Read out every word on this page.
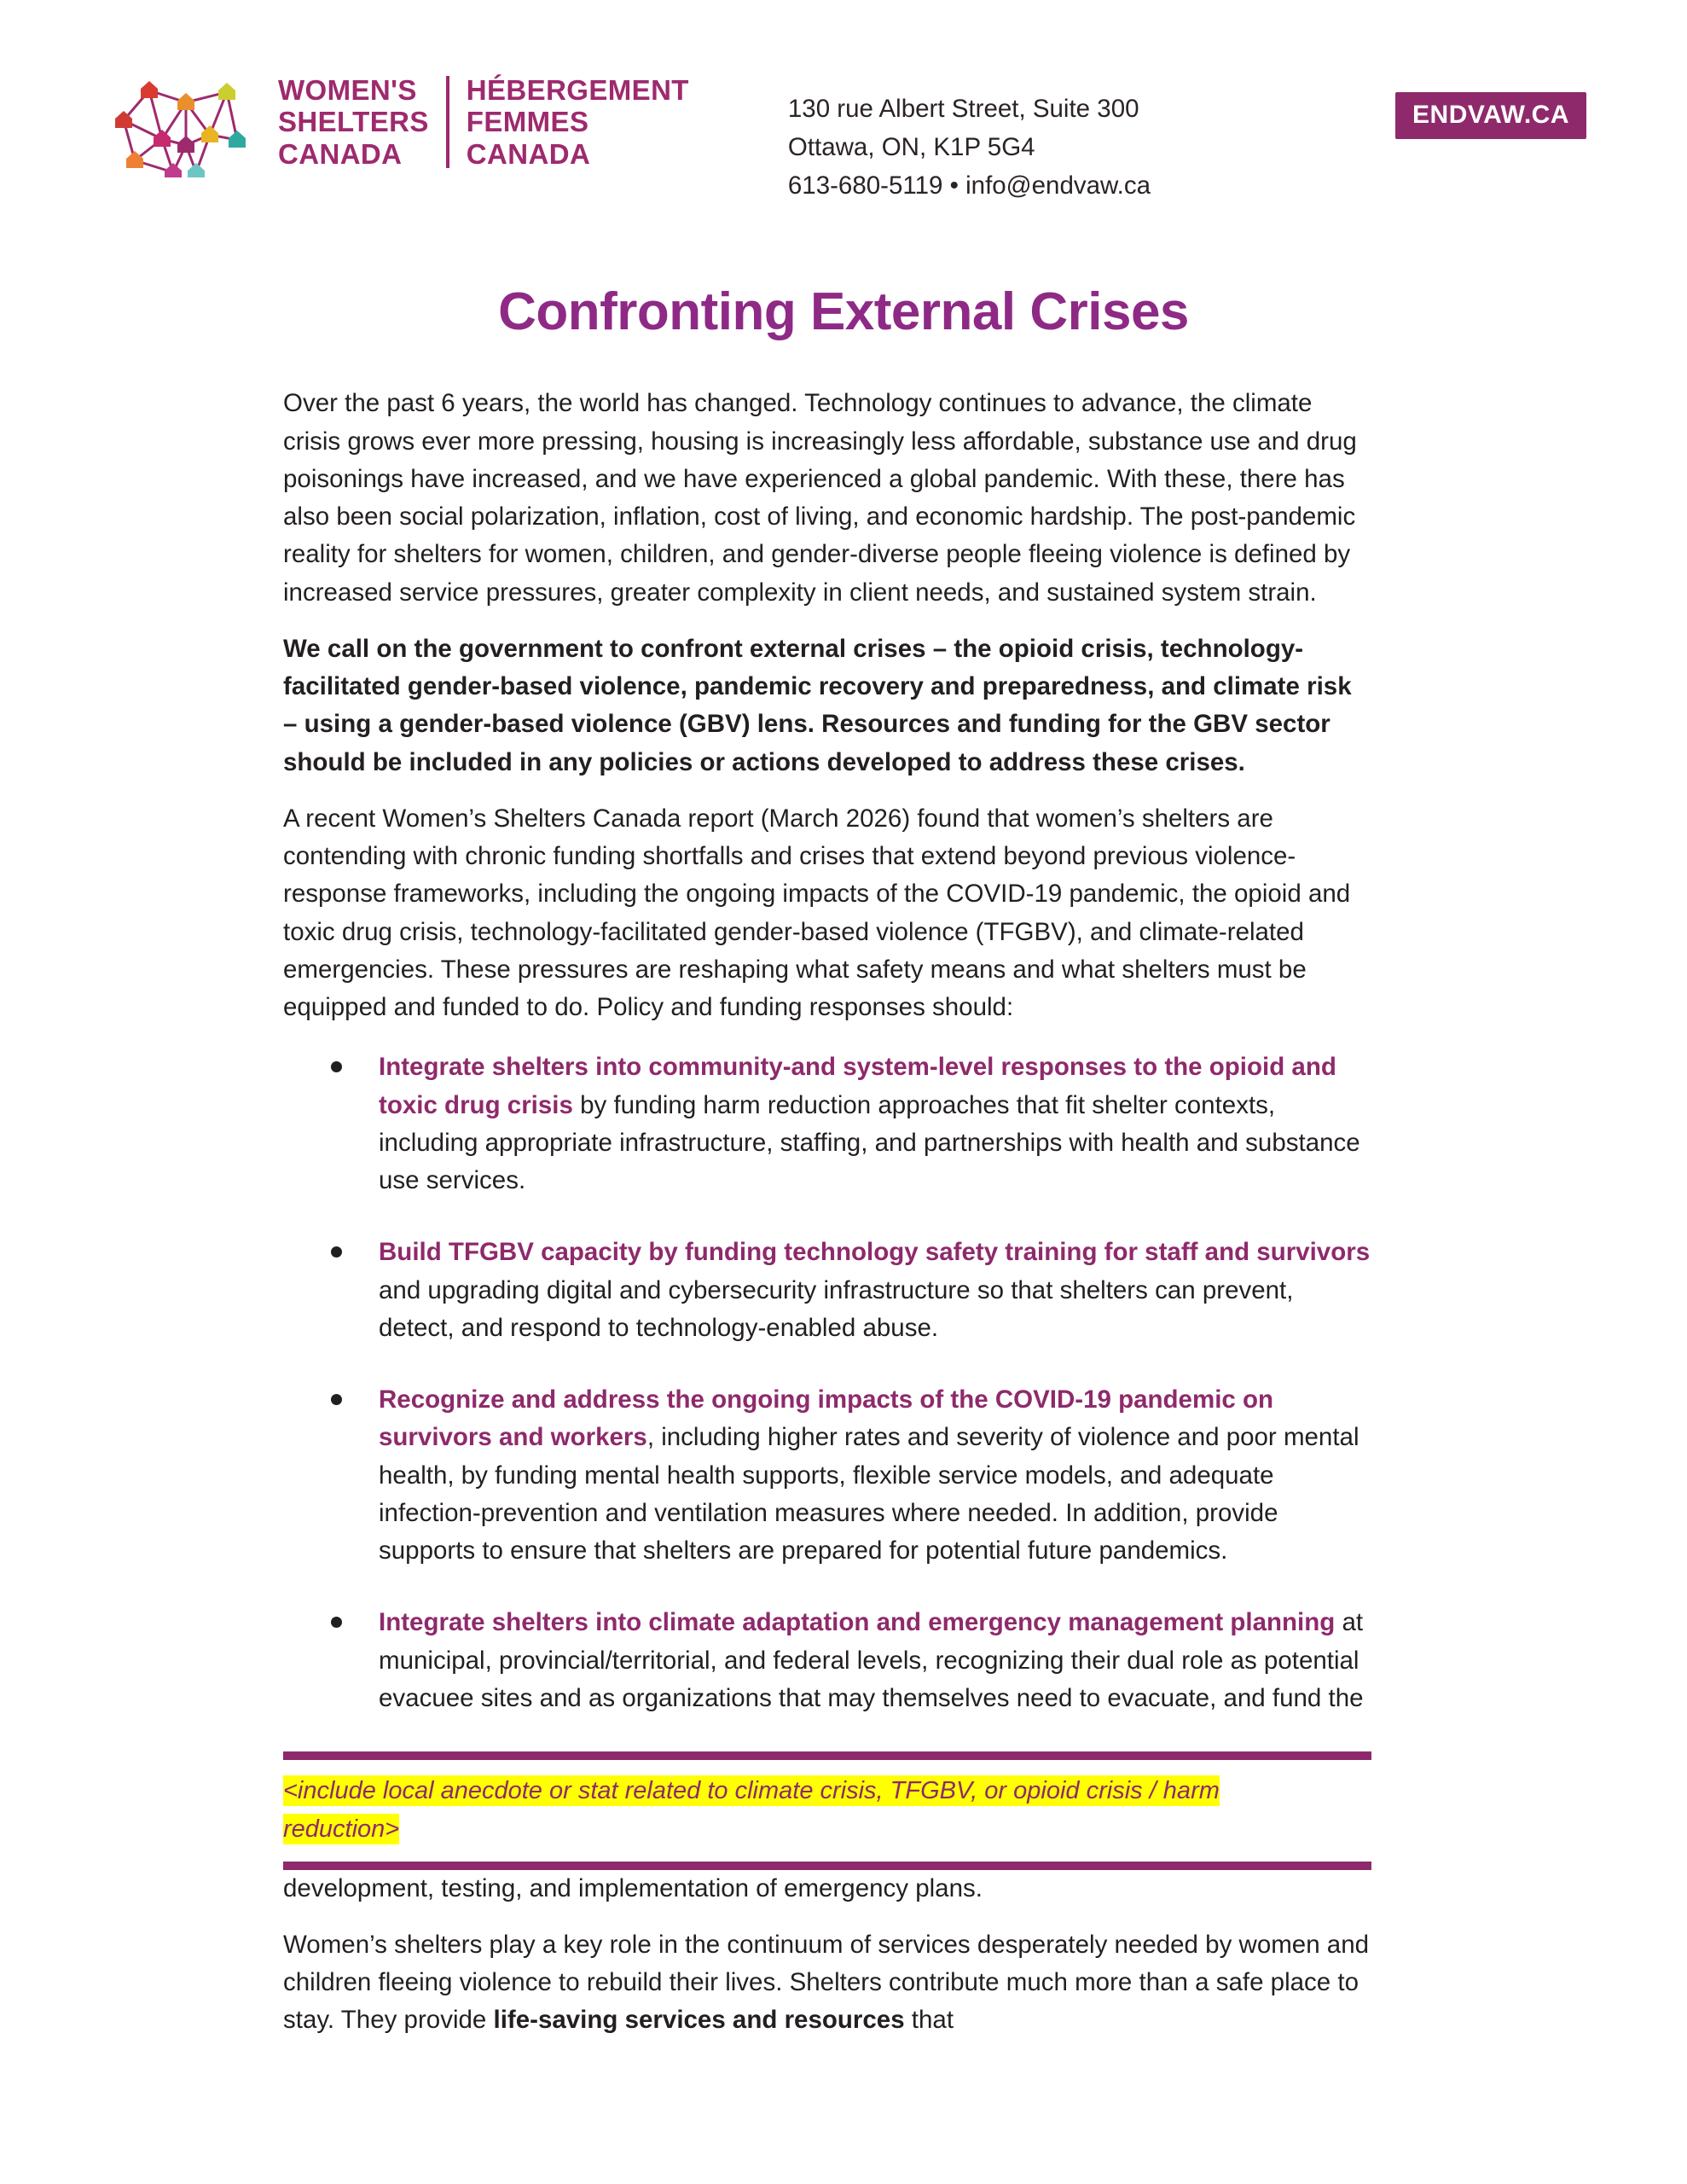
WOMEN'S
SHELTERS
CANADA
HÉBERGEMENT
FEMMES
CANADA
130 rue Albert Street, Suite 300
Ottawa, ON, K1P 5G4
613-680-5119 • info@endvaw.ca
ENDVAW.CA
Confronting External Crises

Over the past 6 years, the world has changed. Technology continues to advance, the climate crisis grows ever more pressing, housing is increasingly less affordable, substance use and drug poisonings have increased, and we have experienced a global pandemic. With these, there has also been social polarization, inflation, cost of living, and economic hardship. The post-pandemic reality for shelters for women, children, and gender-diverse people fleeing violence is defined by increased service pressures, greater complexity in client needs, and sustained system strain.

We call on the government to confront external crises – the opioid crisis, technology-facilitated gender-based violence, pandemic recovery and preparedness, and climate risk – using a gender-based violence (GBV) lens. Resources and funding for the GBV sector should be included in any policies or actions developed to address these crises.

A recent Women’s Shelters Canada report (March 2026) found that women’s shelters are contending with chronic funding shortfalls and crises that extend beyond previous violence-response frameworks, including the ongoing impacts of the COVID-19 pandemic, the opioid and toxic drug crisis, technology-facilitated gender-based violence (TFGBV), and climate-related emergencies. These pressures are reshaping what safety means and what shelters must be equipped and funded to do. Policy and funding responses should:

Integrate shelters into community-and system-level responses to the opioid and toxic drug crisis by funding harm reduction approaches that fit shelter contexts, including appropriate infrastructure, staffing, and partnerships with health and substance use services.
Build TFGBV capacity by funding technology safety training for staff and survivors and upgrading digital and cybersecurity infrastructure so that shelters can prevent, detect, and respond to technology-enabled abuse.
Recognize and address the ongoing impacts of the COVID-19 pandemic on survivors and workers, including higher rates and severity of violence and poor mental health, by funding mental health supports, flexible service models, and adequate infection-prevention and ventilation measures where needed. In addition, provide supports to ensure that shelters are prepared for potential future pandemics.
Integrate shelters into climate adaptation and emergency management planning at municipal, provincial/territorial, and federal levels, recognizing their dual role as potential evacuee sites and as organizations that may themselves need to evacuate, and fund the

<include local anecdote or stat related to climate crisis, TFGBV, or opioid crisis / harm
reduction>

development, testing, and implementation of emergency plans.

Women’s shelters play a key role in the continuum of services desperately needed by women and children fleeing violence to rebuild their lives. Shelters contribute much more than a safe place to stay. They provide life-saving services and resources that
